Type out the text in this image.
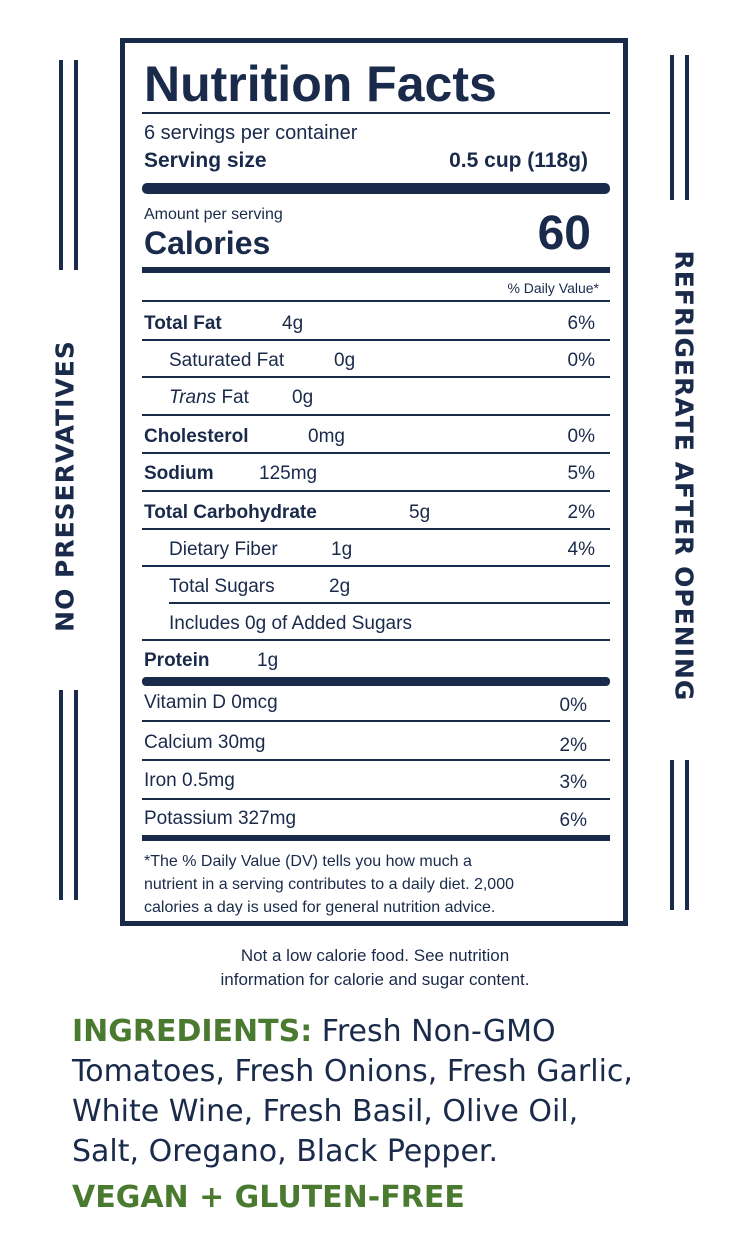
NO PRESERVATIVES	REFRIGERATE AFTER OPENING
Nutrition Facts
6 servings per container
Serving size	0.5 cup (118g)
Amount per serving
Calories	60
% Daily Value*
Total Fat	4g	6%
Saturated Fat	0g	0%
Trans Fat 0g
Cholesterol	0mg	0%
Sodium 125mg	5%
Total Carbohydrate	5g	2%
Dietary Fiber	1g	4%
Total Sugars	2g
Includes 0g of Added Sugars
Protein	1g
Vitamin D 0mcg	0%
Calcium 30mg	2%
Iron 0.5mg	3%
Potassium 327mg	6%
*The % Daily Value (DV) tells you how much a
nutrient in a serving contributes to a daily diet. 2,000
calories a day is used for general nutrition advice.
Not a low calorie food. See nutrition
information for calorie and sugar content.
INGREDIENTS: Fresh Non-GMO
Tomatoes, Fresh Onions, Fresh Garlic,
White Wine, Fresh Basil, Olive Oil,
Salt, Oregano, Black Pepper.
VEGAN + GLUTEN-FREE
